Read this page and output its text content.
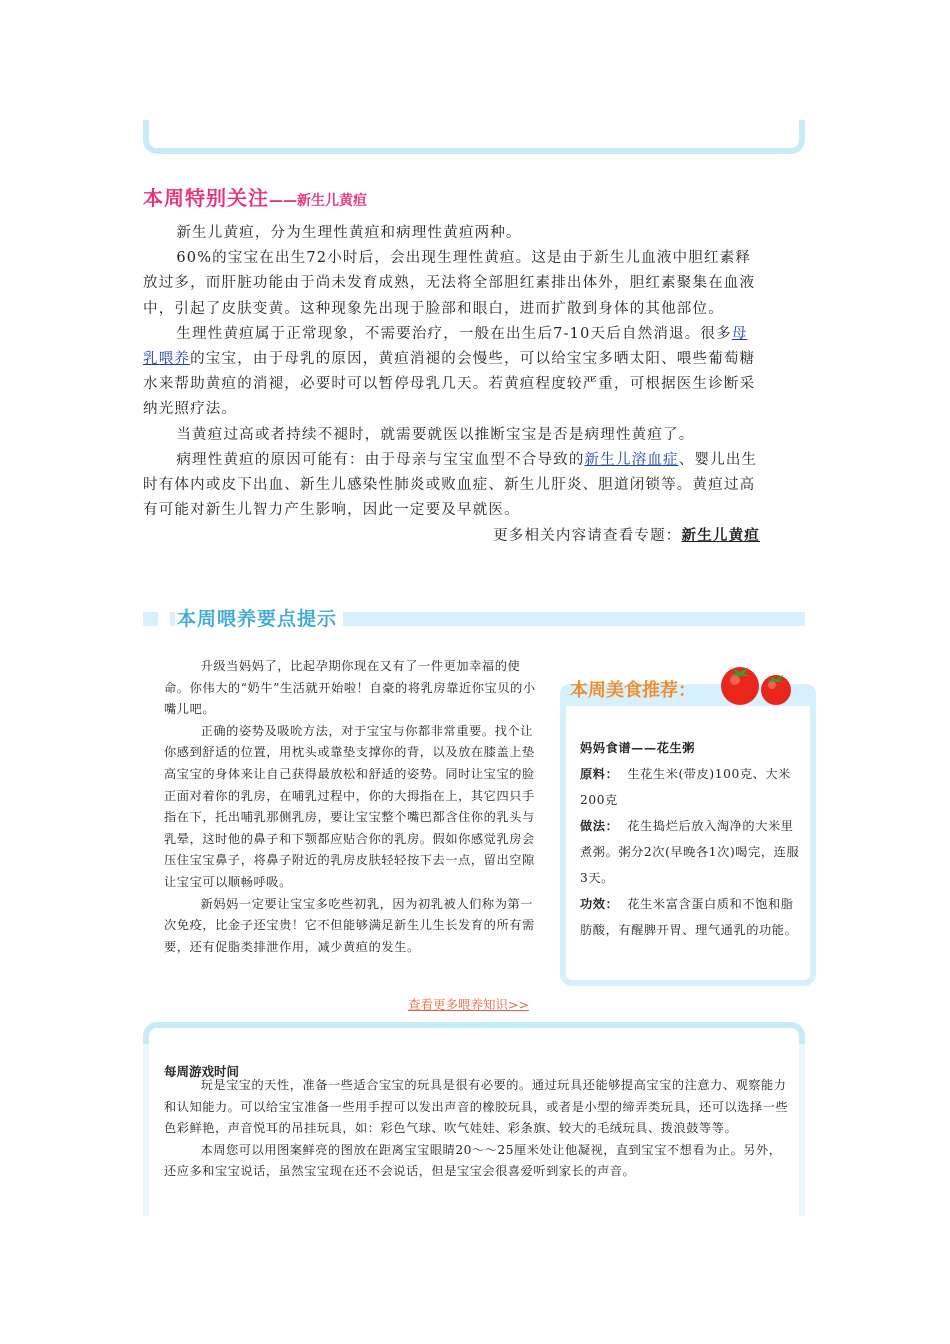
本周特别关注——新生儿黄疸

新生儿黄疸，分为生理性黄疸和病理性黄疸两种。

60%的宝宝在出生72小时后，会出现生理性黄疸。这是由于新生儿血液中胆红素释放过多，而肝脏功能由于尚未发育成熟，无法将全部胆红素排出体外，胆红素聚集在血液中，引起了皮肤变黄。这种现象先出现于脸部和眼白，进而扩散到身体的其他部位。

生理性黄疸属于正常现象，不需要治疗，一般在出生后7-10天后自然消退。很多母乳喂养的宝宝，由于母乳的原因，黄疸消褪的会慢些，可以给宝宝多晒太阳、喂些葡萄糖水来帮助黄疸的消褪，必要时可以暂停母乳几天。若黄疸程度较严重，可根据医生诊断采纳光照疗法。

当黄疸过高或者持续不褪时，就需要就医以推断宝宝是否是病理性黄疸了。

病理性黄疸的原因可能有：由于母亲与宝宝血型不合导致的新生儿溶血症、婴儿出生时有体内或皮下出血、新生儿感染性肺炎或败血症、新生儿肝炎、胆道闭锁等。黄疸过高有可能对新生儿智力产生影响，因此一定要及早就医。

更多相关内容请查看专题：新生儿黄疸
本周喂养要点提示

升级当妈妈了，比起孕期你现在又有了一件更加幸福的使命。你伟大的“奶牛”生活就开始啦！自豪的将乳房靠近你宝贝的小嘴儿吧。

正确的姿势及吸吮方法，对于宝宝与你都非常重要。找个让你感到舒适的位置，用枕头或靠垫支撑你的背，以及放在膝盖上垫高宝宝的身体来让自己获得最放松和舒适的姿势。同时让宝宝的脸正面对着你的乳房，在哺乳过程中，你的大拇指在上，其它四只手指在下，托出哺乳那侧乳房，要让宝宝整个嘴巴都含住你的乳头与乳晕，这时他的鼻子和下颚都应贴合你的乳房。假如你感觉乳房会压住宝宝鼻子，将鼻子附近的乳房皮肤轻轻按下去一点，留出空隙让宝宝可以顺畅呼吸。

新妈妈一定要让宝宝多吃些初乳，因为初乳被人们称为第一次免疫，比金子还宝贵！它不但能够满足新生儿生长发育的所有需要，还有促脂类排泄作用，减少黄疸的发生。

查看更多喂养知识>>
本周美食推荐：
妈妈食谱——花生粥
原料： 生花生米(带皮)100克、大米200克
做法： 花生捣烂后放入淘净的大米里煮粥。粥分2次(早晚各1次)喝完，连服3天。
功效： 花生米富含蛋白质和不饱和脂肪酸，有醒脾开胃、理气通乳的功能。
每周游戏时间

玩是宝宝的天性，准备一些适合宝宝的玩具是很有必要的。通过玩具还能够提高宝宝的注意力、观察能力和认知能力。可以给宝宝准备一些用手捏可以发出声音的橡胶玩具，或者是小型的缔弄类玩具，还可以选择一些色彩鲜艳，声音悦耳的吊挂玩具，如：彩色气球、吹气娃娃、彩条旗、较大的毛绒玩具、拨浪鼓等等。

本周您可以用图案鲜亮的图放在距离宝宝眼睛20～～25厘米处让他凝视，直到宝宝不想看为止。另外，还应多和宝宝说话，虽然宝宝现在还不会说话，但是宝宝会很喜爱听到家长的声音。
